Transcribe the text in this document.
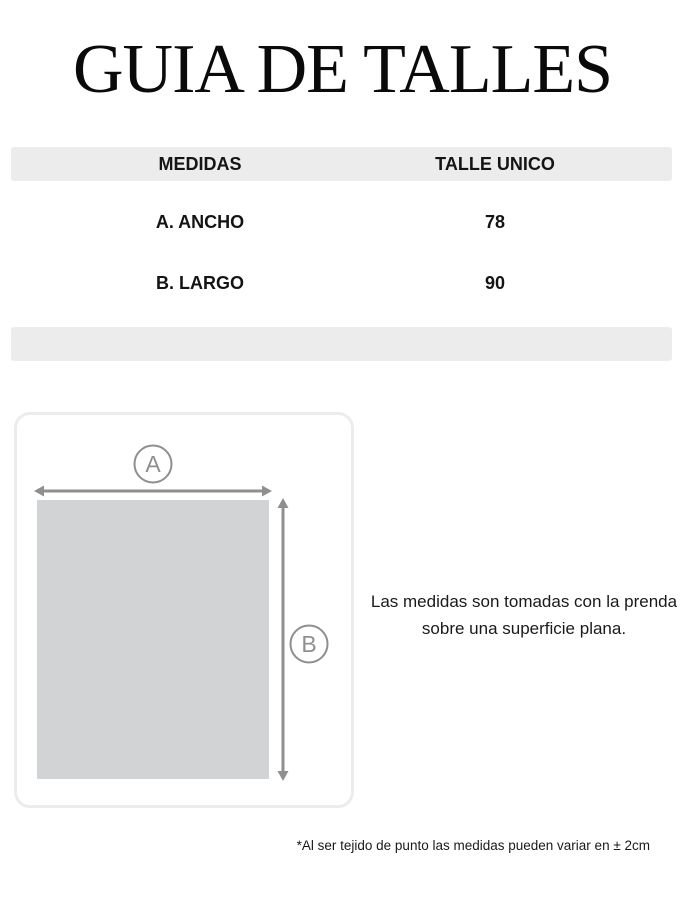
GUIA DE TALLES
MEDIDAS	TALLE UNICO
A. ANCHO	78
B. LARGO	90
A
B
Las medidas son tomadas con la prenda sobre una superficie plana.
*Al ser tejido de punto las medidas pueden variar en ± 2cm
